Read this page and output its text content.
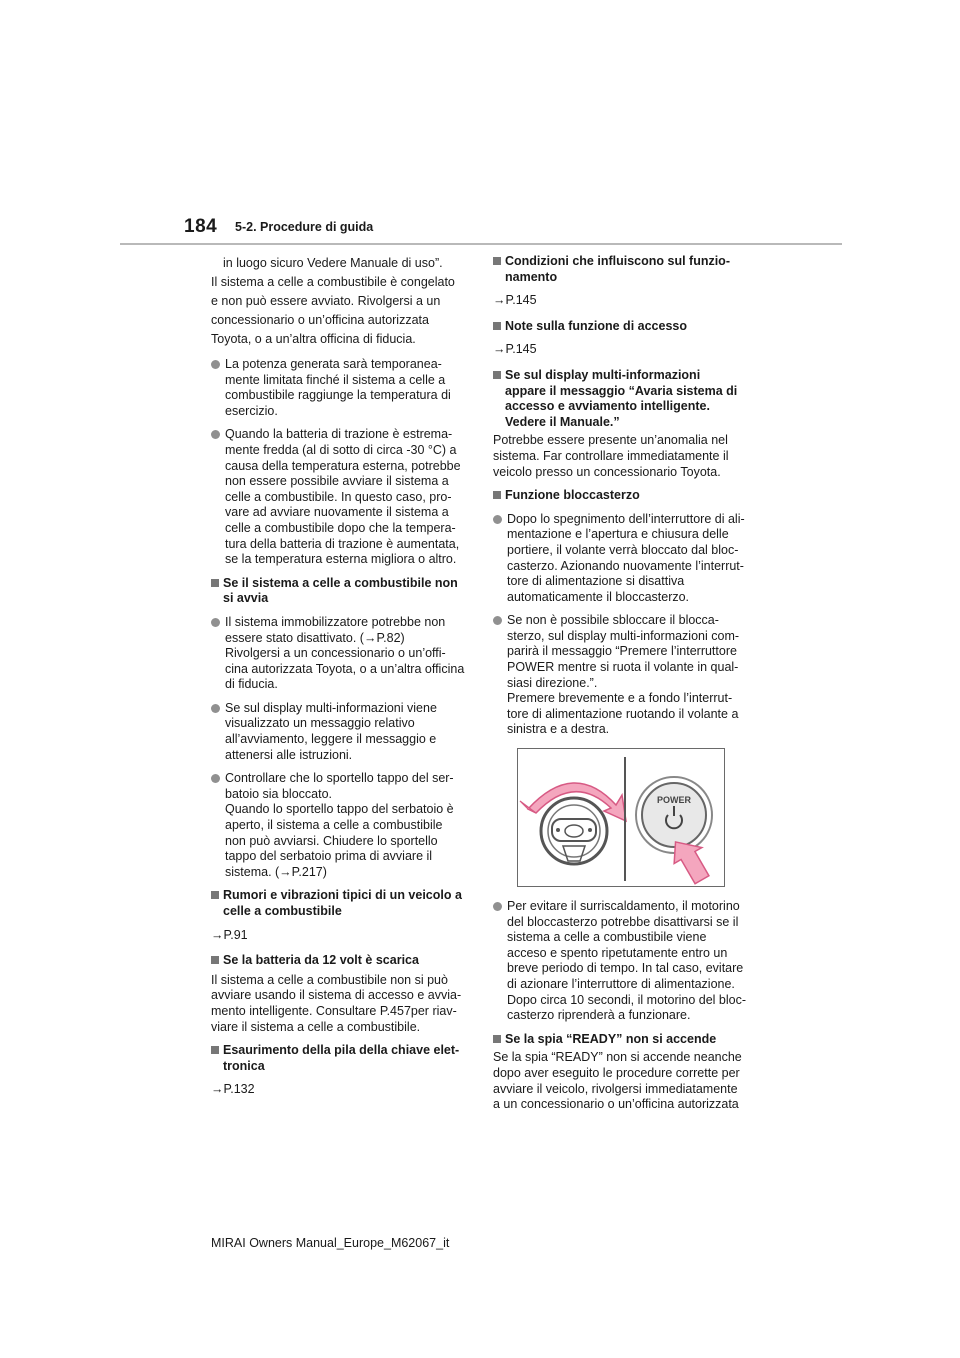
184 5-2. Procedure di guida
in luogo sicuro Vedere Manuale di uso”.
Il sistema a celle a combustibile è congelato
e non può essere avviato. Rivolgersi a un
concessionario o un’officina autorizzata
Toyota, o a un’altra officina di fiducia.
La potenza generata sarà temporanea-
mente limitata finché il sistema a celle a
combustibile raggiunge la temperatura di
esercizio.
Quando la batteria di trazione è estrema-
mente fredda (al di sotto di circa -30 °C) a
causa della temperatura esterna, potrebbe
non essere possibile avviare il sistema a
celle a combustibile. In questo caso, pro-
vare ad avviare nuovamente il sistema a
celle a combustibile dopo che la tempera-
tura della batteria di trazione è aumentata,
se la temperatura esterna migliora o altro.
Se il sistema a celle a combustibile non
si avvia
Il sistema immobilizzatore potrebbe non
essere stato disattivato. (→P.82)
Rivolgersi a un concessionario o un’offi-
cina autorizzata Toyota, o a un’altra officina
di fiducia.
Se sul display multi-informazioni viene
visualizzato un messaggio relativo
all’avviamento, leggere il messaggio e
attenersi alle istruzioni.
Controllare che lo sportello tappo del ser-
batoio sia bloccato.
Quando lo sportello tappo del serbatoio è
aperto, il sistema a celle a combustibile
non può avviarsi. Chiudere lo sportello
tappo del serbatoio prima di avviare il
sistema. (→P.217)
Rumori e vibrazioni tipici di un veicolo a
celle a combustibile
→P.91
Se la batteria da 12 volt è scarica
Il sistema a celle a combustibile non si può
avviare usando il sistema di accesso e avvia-
mento intelligente. Consultare P.457per riav-
viare il sistema a celle a combustibile.
Esaurimento della pila della chiave elet-
tronica
→P.132
Condizioni che influiscono sul funzio-
namento
→P.145
Note sulla funzione di accesso
→P.145
Se sul display multi-informazioni
appare il messaggio “Avaria sistema di
accesso e avviamento intelligente.
Vedere il Manuale.”
Potrebbe essere presente un’anomalia nel
sistema. Far controllare immediatamente il
veicolo presso un concessionario Toyota.
Funzione bloccasterzo
Dopo lo spegnimento dell’interruttore di ali-
mentazione e l’apertura e chiusura delle
portiere, il volante verrà bloccato dal bloc-
casterzo. Azionando nuovamente l’interrut-
tore di alimentazione si disattiva
automaticamente il bloccasterzo.
Se non è possibile sbloccare il blocca-
sterzo, sul display multi-informazioni com-
parirà il messaggio “Premere l’interruttore
POWER mentre si ruota il volante in qual-
siasi direzione.”.
Premere brevemente e a fondo l’interrut-
tore di alimentazione ruotando il volante a
sinistra e a destra.
POWER
Per evitare il surriscaldamento, il motorino
del bloccasterzo potrebbe disattivarsi se il
sistema a celle a combustibile viene
acceso e spento ripetutamente entro un
breve periodo di tempo. In tal caso, evitare
di azionare l’interruttore di alimentazione.
Dopo circa 10 secondi, il motorino del bloc-
casterzo riprenderà a funzionare.
Se la spia “READY” non si accende
Se la spia “READY” non si accende neanche
dopo aver eseguito le procedure corrette per
avviare il veicolo, rivolgersi immediatamente
a un concessionario o un’officina autorizzata
MIRAI Owners Manual_Europe_M62067_it
